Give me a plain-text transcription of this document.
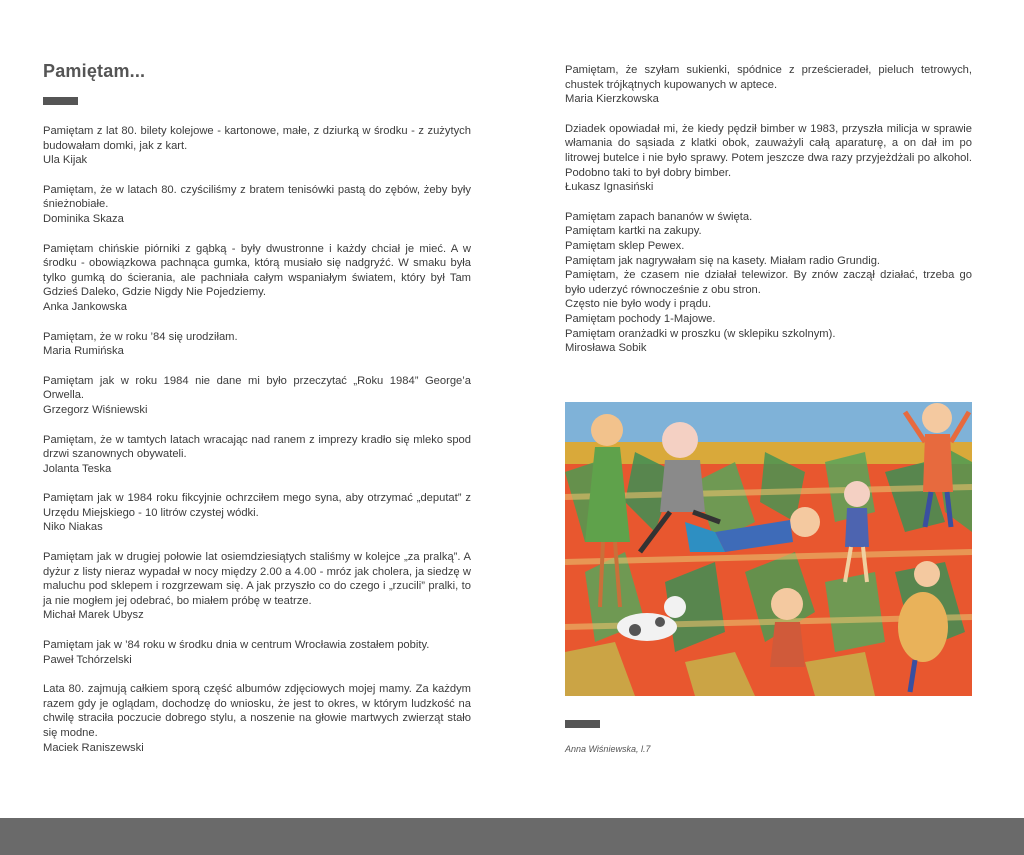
Pamiętam...
Pamiętam z lat 80. bilety kolejowe - kartonowe, małe, z dziurką w środku - z zużytych budowałam domki, jak z kart.
Ula Kijak
Pamiętam, że w latach 80. czyściliśmy z bratem tenisówki pastą do zębów, żeby były śnieżnobiałe.
Dominika Skaza
Pamiętam chińskie piórniki z gąbką - były dwustronne i każdy chciał je mieć. A w środku - obowiązkowa pachnąca gumka, którą musiało się nadgryźć. W smaku była tylko gumką do ścierania, ale pachniała całym wspaniałym światem, który był Tam Gdzieś Daleko, Gdzie Nigdy Nie Pojedziemy.
Anka Jankowska
Pamiętam, że w roku ’84 się urodziłam.
Maria Rumińska
Pamiętam jak w roku 1984 nie dane mi było przeczytać „Roku 1984” George’a Orwella.
Grzegorz Wiśniewski
Pamiętam, że w tamtych latach wracając nad ranem z imprezy kradło się mleko spod drzwi szanownych obywateli.
Jolanta Teska
Pamiętam jak w 1984 roku fikcyjnie ochrzciłem mego syna, aby otrzymać „deputat” z Urzędu Miejskiego - 10 litrów czystej wódki.
Niko Niakas
Pamiętam jak w drugiej połowie lat osiemdziesiątych staliśmy w kolejce „za pralką”. A dyżur z listy nieraz wypadał w nocy między 2.00 a 4.00 - mróz jak cholera, ja siedzę w maluchu pod sklepem i rozgrzewam się. A jak przyszło co do czego i „rzucili” pralki, to ja nie mogłem jej odebrać, bo miałem próbę w teatrze.
Michał Marek Ubysz
Pamiętam jak w ’84 roku w środku dnia w centrum Wrocławia zostałem pobity.
Paweł Tchórzelski
Lata 80. zajmują całkiem sporą część albumów zdjęciowych mojej mamy. Za każdym razem gdy je oglądam, dochodzę do wniosku, że jest to okres, w którym ludzkość na chwilę straciła poczucie dobrego stylu, a noszenie na głowie martwych zwierząt stało się modne.
Maciek Raniszewski
Pamiętam, że szyłam sukienki, spódnice z prześcieradeł, pieluch tetrowych, chustek trójkątnych kupowanych w aptece.
Maria Kierzkowska
Dziadek opowiadał mi, że kiedy pędził bimber w 1983, przyszła milicja w sprawie włamania do sąsiada z klatki obok, zauważyli całą aparaturę, a on dał im po litrowej butelce i nie było sprawy. Potem jeszcze dwa razy przyjeżdżali po alkohol. Podobno taki to był dobry bimber.
Łukasz Ignasiński
Pamiętam zapach bananów w święta.
Pamiętam kartki na zakupy.
Pamiętam sklep Pewex.
Pamiętam jak nagrywałam się na kasety. Miałam radio Grundig.
Pamiętam, że czasem nie działał telewizor. By znów zaczął działać, trzeba go było uderzyć równocześnie z obu stron.
Często nie było wody i prądu.
Pamiętam pochody 1-Majowe.
Pamiętam oranżadki w proszku (w sklepiku szkolnym).
Mirosława Sobik
Anna Wiśniewska, l.7
